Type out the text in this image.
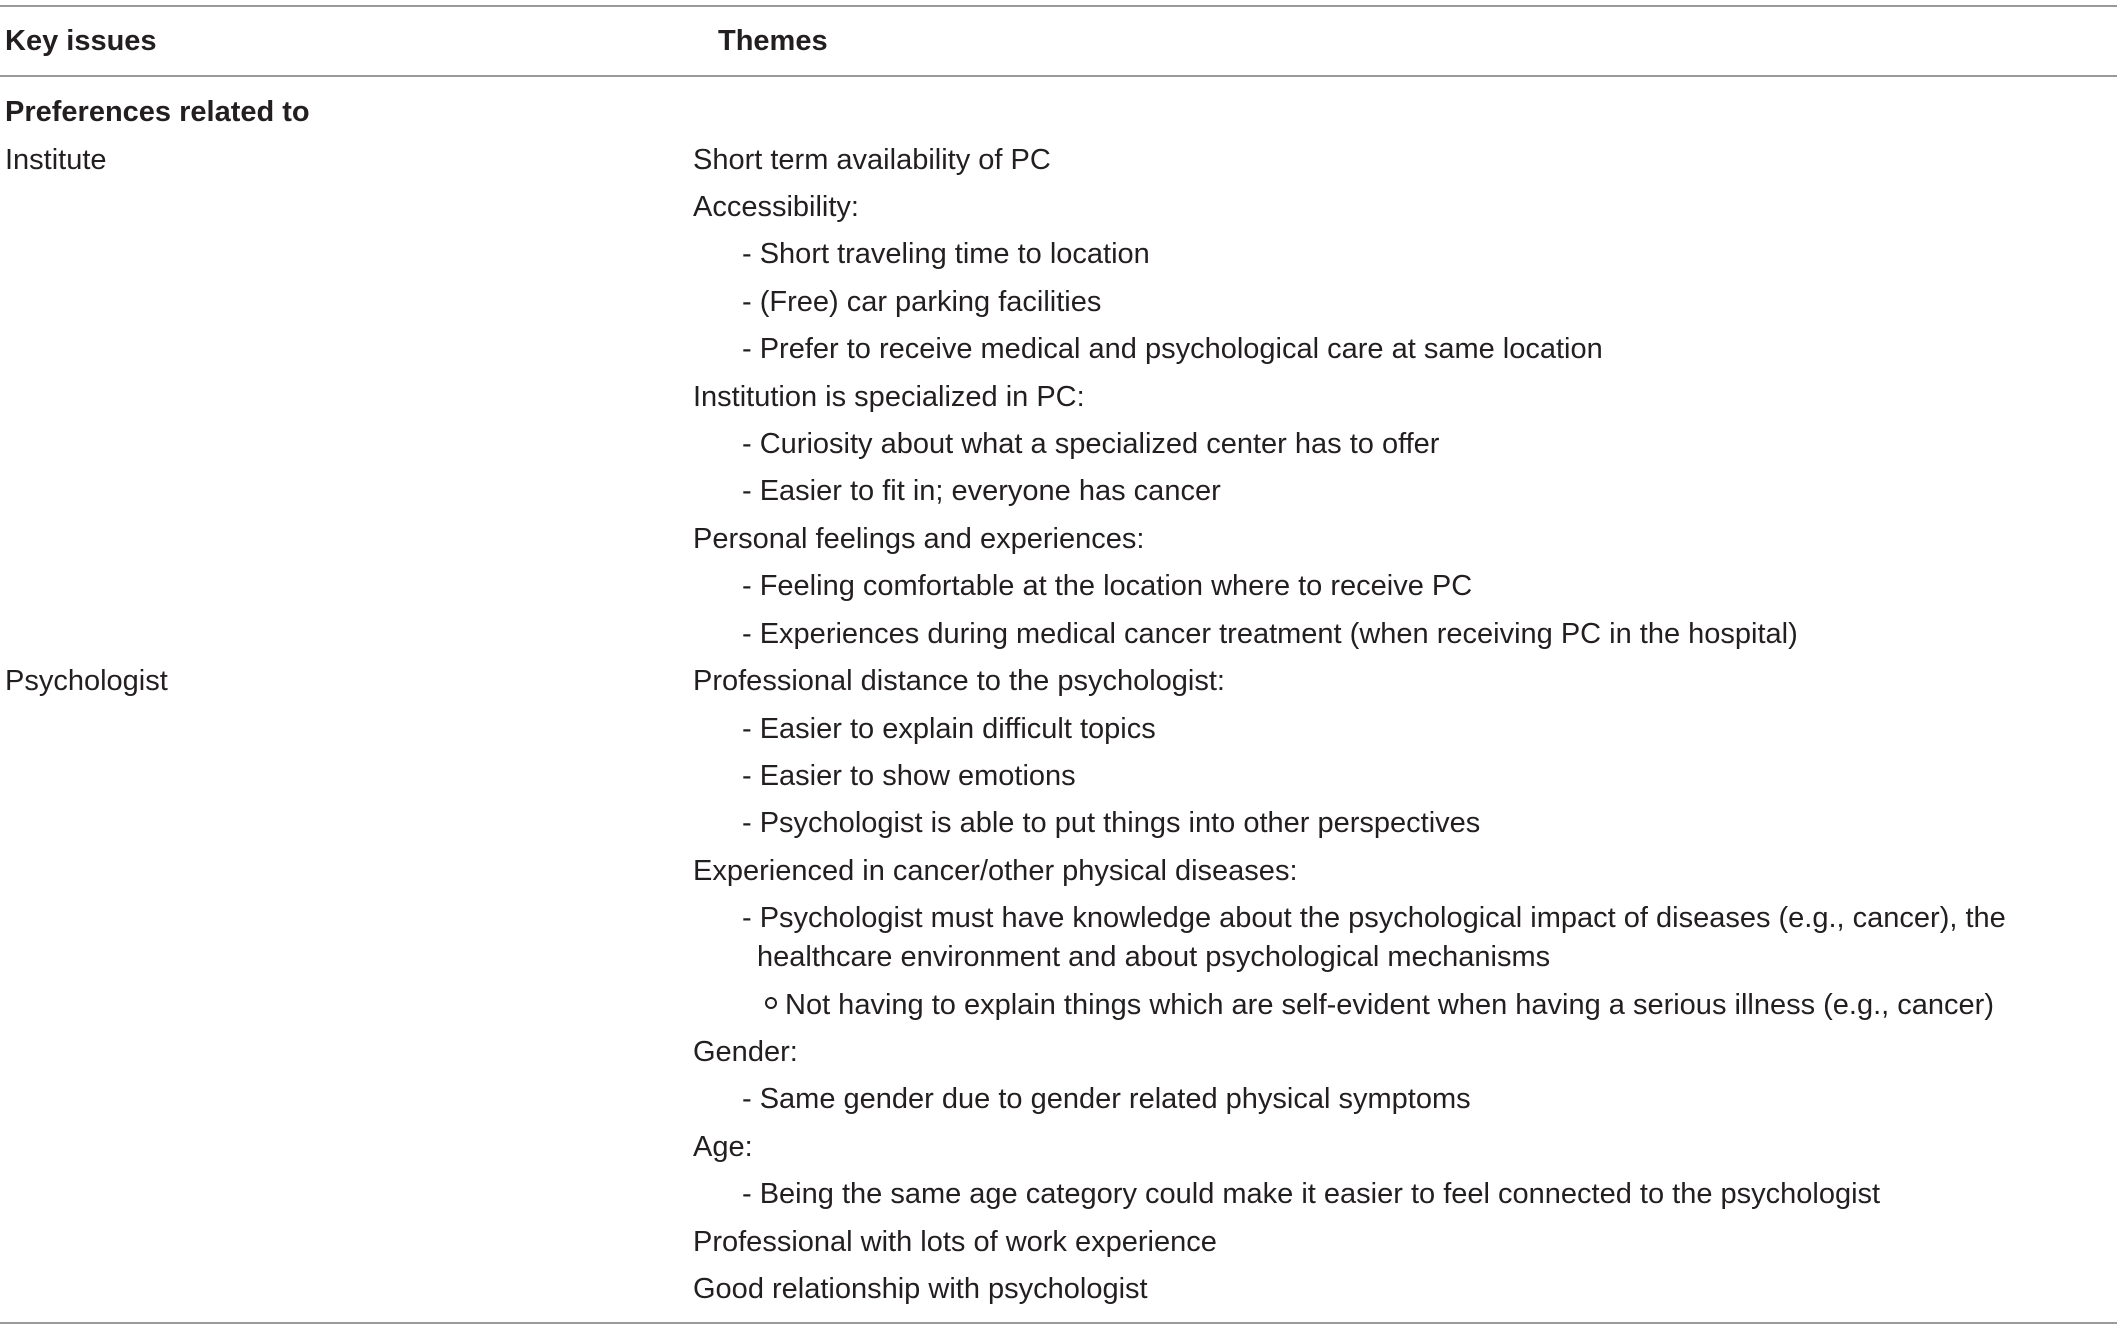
Key issues	Themes
Preferences related to
Institute	Short term availability of PC
Accessibility:
- Short traveling time to location
- (Free) car parking facilities
- Prefer to receive medical and psychological care at same location
Institution is specialized in PC:
- Curiosity about what a specialized center has to offer
- Easier to fit in; everyone has cancer
Personal feelings and experiences:
- Feeling comfortable at the location where to receive PC
- Experiences during medical cancer treatment (when receiving PC in the hospital)
Psychologist	Professional distance to the psychologist:
- Easier to explain difficult topics
- Easier to show emotions
- Psychologist is able to put things into other perspectives
Experienced in cancer/other physical diseases:
- Psychologist must have knowledge about the psychological impact of diseases (e.g., cancer), the
healthcare environment and about psychological mechanisms
Not having to explain things which are self-evident when having a serious illness (e.g., cancer)
Gender:
- Same gender due to gender related physical symptoms
Age:
- Being the same age category could make it easier to feel connected to the psychologist
Professional with lots of work experience
Good relationship with psychologist
